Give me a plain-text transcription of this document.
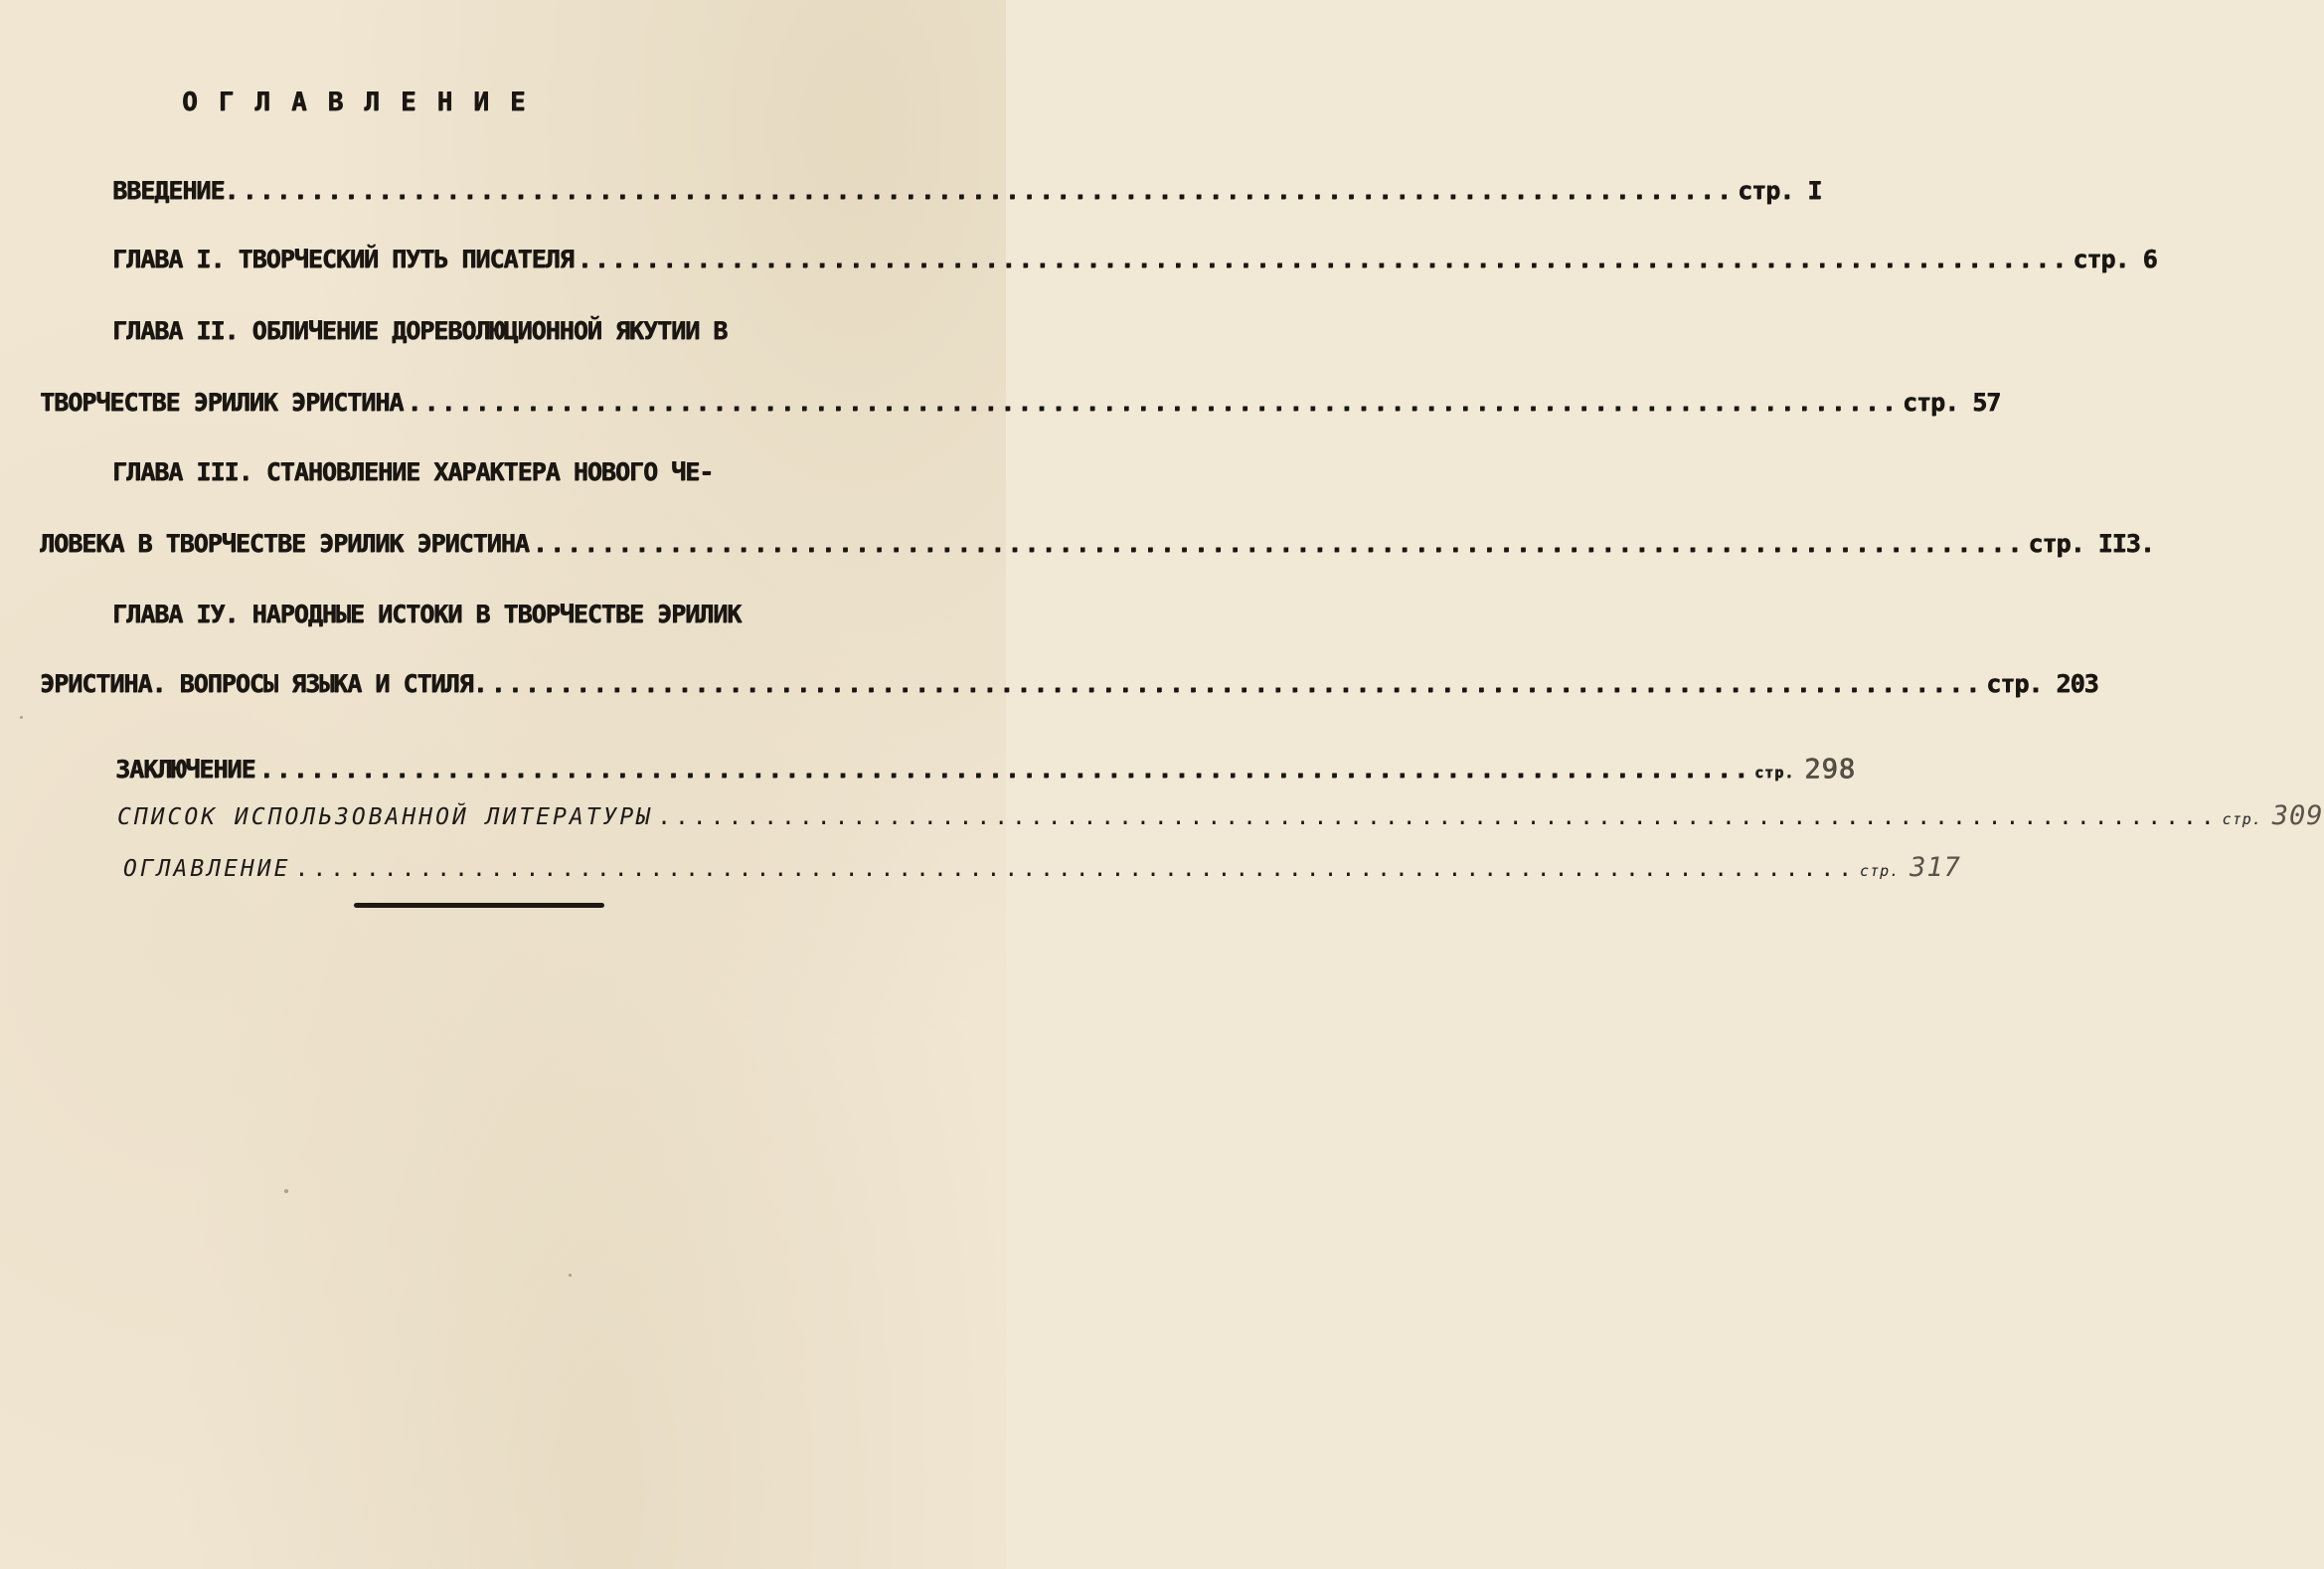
ОГЛАВЛЕНИЕ
ВВЕДЕНИЕ. ........................................................................................ стр. I
ГЛАВА I. ТВОРЧЕСКИЙ ПУТЬ ПИСАТЕЛЯ ........................................................................................ стр. 6
ГЛАВА II. ОБЛИЧЕНИЕ ДОРЕВОЛЮЦИОННОЙ ЯКУТИИ В
ТВОРЧЕСТВЕ ЭРИЛИК ЭРИСТИНА ........................................................................................ стр. 57
ГЛАВА III. СТАНОВЛЕНИЕ ХАРАКТЕРА НОВОГО ЧЕ-
ЛОВЕКА В ТВОРЧЕСТВЕ ЭРИЛИК ЭРИСТИНА ........................................................................................ стр. II3.
ГЛАВА IУ. НАРОДНЫЕ ИСТОКИ В ТВОРЧЕСТВЕ ЭРИЛИК
ЭРИСТИНА. ВОПРОСЫ ЯЗЫКА И СТИЛЯ. ........................................................................................ стр. 203
ЗАКЛЮЧЕНИЕ ........................................................................................ стр. 298
СПИСОК ИСПОЛЬЗОВАННОЙ ЛИТЕРАТУРЫ ........................................................................................ стр. 309
ОГЛАВЛЕНИЕ ........................................................................................ стр. 317
